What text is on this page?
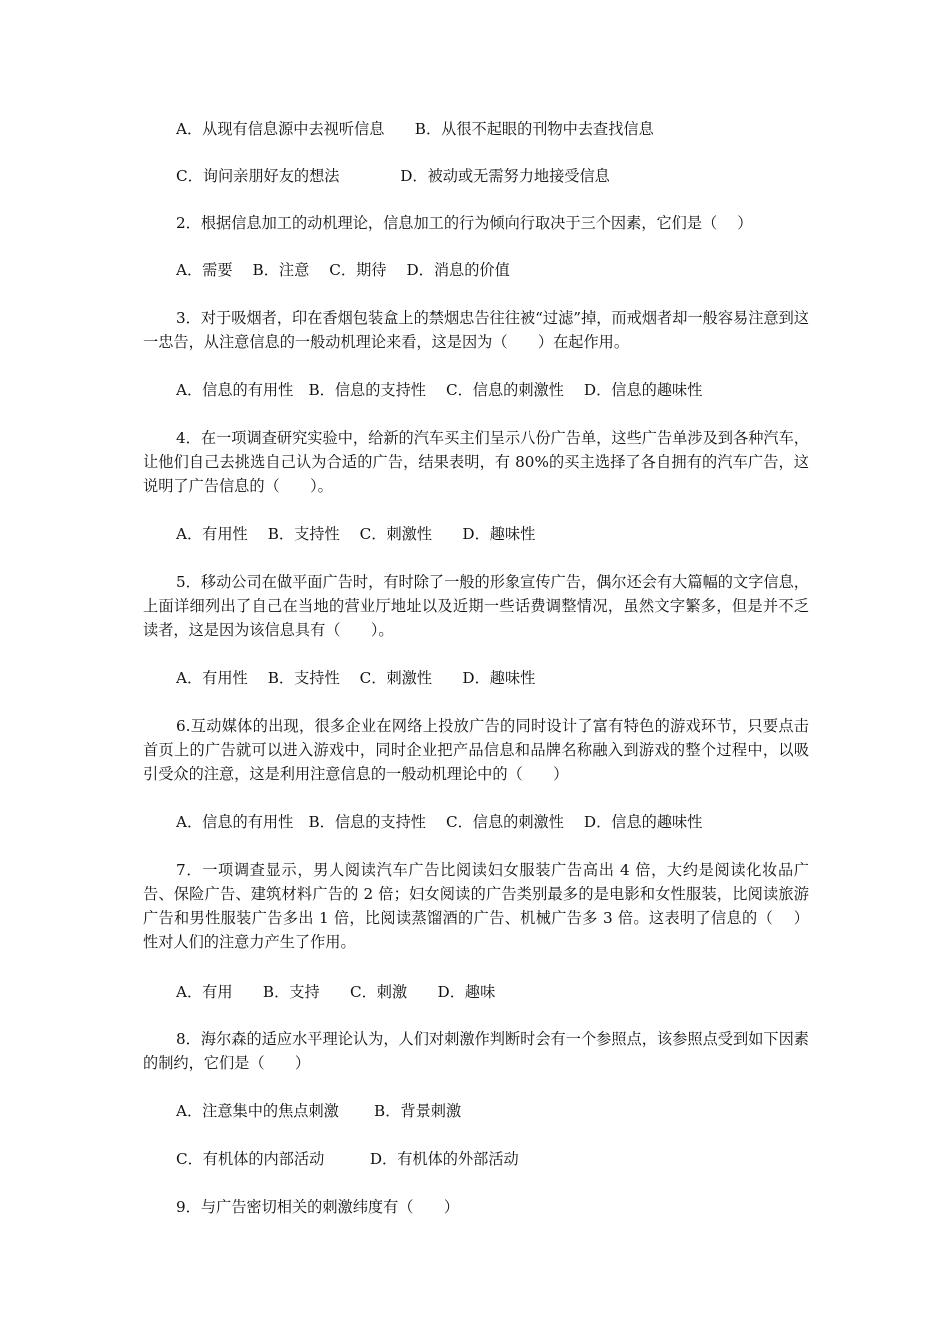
A．从现有信息源中去视听信息　　B．从很不起眼的刊物中去查找信息
C．询问亲朋好友的想法　　　　D．被动或无需努力地接受信息
2．根据信息加工的动机理论，信息加工的行为倾向行取决于三个因素，它们是（　 ）
A．需要　 B．注意　 C．期待　 D．消息的价值
3．对于吸烟者，印在香烟包装盒上的禁烟忠告往往被“过滤”掉，而戒烟者却一般容易注意到这一忠告，从注意信息的一般动机理论来看，这是因为（　　）在起作用。
A．信息的有用性　B．信息的支持性　 C．信息的刺激性　 D．信息的趣味性
4．在一项调查研究实验中，给新的汽车买主们呈示八份广告单，这些广告单涉及到各种汽车，让他们自己去挑选自己认为合适的广告，结果表明，有 80%的买主选择了各自拥有的汽车广告，这说明了广告信息的（　　）。
A．有用性　 B．支持性　 C．刺激性　　D．趣味性
5．移动公司在做平面广告时，有时除了一般的形象宣传广告，偶尔还会有大篇幅的文字信息，上面详细列出了自己在当地的营业厅地址以及近期一些话费调整情况，虽然文字繁多，但是并不乏读者，这是因为该信息具有（　　）。
A．有用性　 B．支持性　 C．刺激性　　D．趣味性
6.互动媒体的出现，很多企业在网络上投放广告的同时设计了富有特色的游戏环节，只要点击首页上的广告就可以进入游戏中，同时企业把产品信息和品牌名称融入到游戏的整个过程中，以吸引受众的注意，这是利用注意信息的一般动机理论中的（　　）
A．信息的有用性　B．信息的支持性　 C．信息的刺激性　 D．信息的趣味性
7．一项调查显示，男人阅读汽车广告比阅读妇女服装广告高出 4 倍，大约是阅读化妆品广告、保险广告、建筑材料广告的 2 倍；妇女阅读的广告类别最多的是电影和女性服装，比阅读旅游广告和男性服装广告多出 1 倍，比阅读蒸馏酒的广告、机械广告多 3 倍。这表明了信息的（　 ）性对人们的注意力产生了作用。
A．有用　　B．支持　　C．刺激　　D．趣味
8．海尔森的适应水平理论认为，人们对刺激作判断时会有一个参照点，该参照点受到如下因素的制约，它们是（　　）
A．注意集中的焦点刺激　　 B．背景刺激
C．有机体的内部活动　　　D．有机体的外部活动
9．与广告密切相关的刺激纬度有（　　）
